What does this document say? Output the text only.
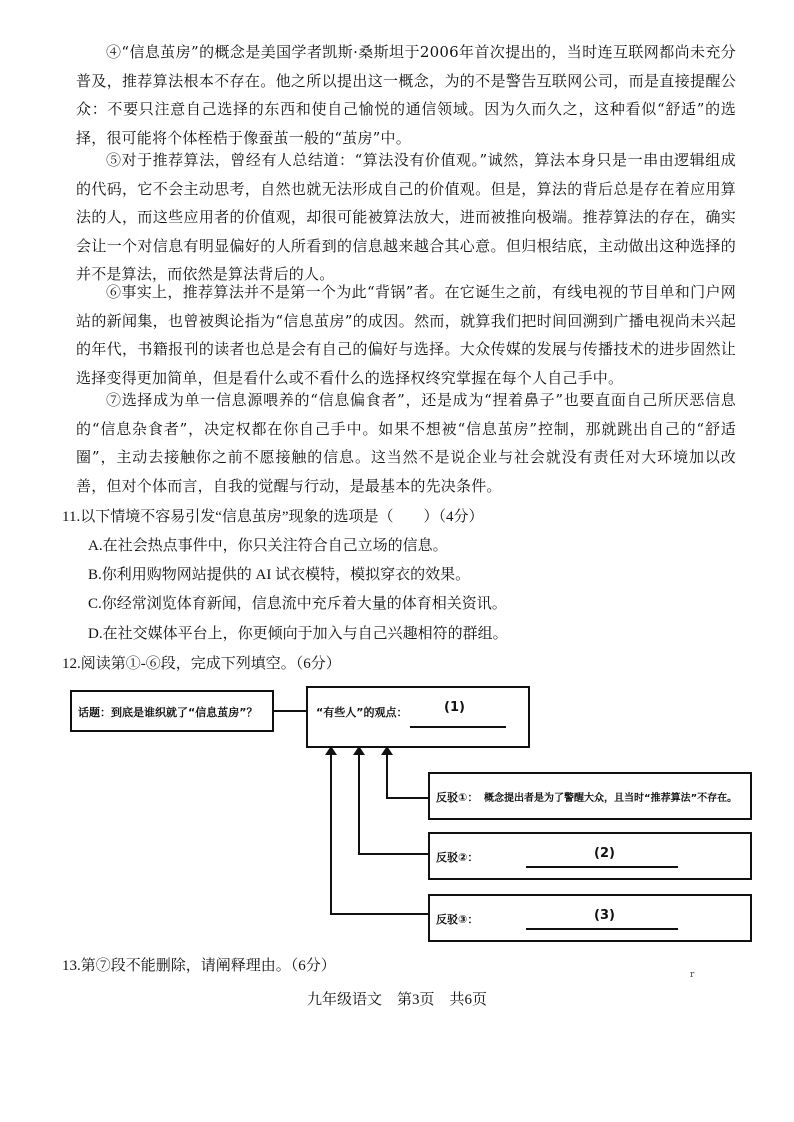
④“信息茧房”的概念是美国学者凯斯·桑斯坦于2006年首次提出的，当时连互联网都尚未充分普及，推荐算法根本不存在。他之所以提出这一概念，为的不是警告互联网公司，而是直接提醒公众：不要只注意自己选择的东西和使自己愉悦的通信领域。因为久而久之，这种看似“舒适”的选择，很可能将个体桎梏于像蚕茧一般的“茧房”中。
⑤对于推荐算法，曾经有人总结道：“算法没有价值观。”诚然，算法本身只是一串由逻辑组成的代码，它不会主动思考，自然也就无法形成自己的价值观。但是，算法的背后总是存在着应用算法的人，而这些应用者的价值观，却很可能被算法放大，进而被推向极端。推荐算法的存在，确实会让一个对信息有明显偏好的人所看到的信息越来越合其心意。但归根结底，主动做出这种选择的并不是算法，而依然是算法背后的人。
⑥事实上，推荐算法并不是第一个为此“背锅”者。在它诞生之前，有线电视的节目单和门户网站的新闻集，也曾被舆论指为“信息茧房”的成因。然而，就算我们把时间回溯到广播电视尚未兴起的年代，书籍报刊的读者也总是会有自己的偏好与选择。大众传媒的发展与传播技术的进步固然让选择变得更加简单，但是看什么或不看什么的选择权终究掌握在每个人自己手中。
⑦选择成为单一信息源喂养的“信息偏食者”，还是成为“捏着鼻子”也要直面自己所厌恶信息的“信息杂食者”，决定权都在你自己手中。如果不想被“信息茧房”控制，那就跳出自己的“舒适圈”，主动去接触你之前不愿接触的信息。这当然不是说企业与社会就没有责任对大环境加以改善，但对个体而言，自我的觉醒与行动，是最基本的先决条件。
11.以下情境不容易引发“信息茧房”现象的选项是（　　）（4分）
A.在社会热点事件中，你只关注符合自己立场的信息。
B.你利用购物网站提供的 AI 试衣模特，模拟穿衣的效果。
C.你经常浏览体育新闻，信息流中充斥着大量的体育相关资讯。
D.在社交媒体平台上，你更倾向于加入与自己兴趣相符的群组。
12.阅读第①-⑥段，完成下列填空。（6分）
话题：到底是谁织就了“信息茧房”？	“有些人”的观点：	(1)
反驳①： 概念提出者是为了警醒大众，且当时“推荐算法”不存在。
反驳②：	(2)
反驳③：	(3)
13.第⑦段不能删除，请阐释理由。（6分）
r
九年级语文　第3页　共6页
